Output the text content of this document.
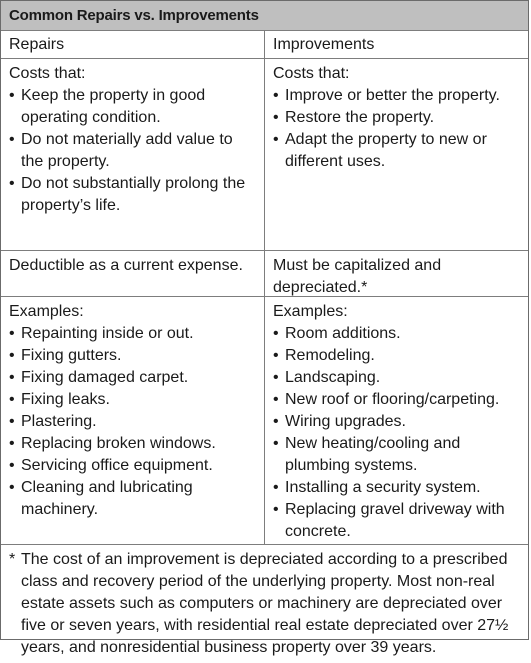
Common Repairs vs. Improvements
Repairs	Improvements
Costs that:
• Keep the property in good operating condition.
• Do not materially add value to the property.
• Do not substantially prolong the property’s life.
Costs that:
• Improve or better the property.
• Restore the property.
• Adapt the property to new or different uses.
Deductible as a current expense.	Must be capitalized and depreciated.*
Examples:
• Repainting inside or out.
• Fixing gutters.
• Fixing damaged carpet.
• Fixing leaks.
• Plastering.
• Replacing broken windows.
• Servicing office equipment.
• Cleaning and lubricating machinery.
Examples:
• Room additions.
• Remodeling.
• Landscaping.
• New roof or flooring/carpeting.
• Wiring upgrades.
• New heating/cooling and plumbing systems.
• Installing a security system.
• Replacing gravel driveway with concrete.
* The cost of an improvement is depreciated according to a prescribed class and recovery period of the underlying property. Most non-real estate assets such as computers or machinery are depreciated over five or seven years, with residential real estate depreciated over 27½ years, and nonresidential business property over 39 years.
